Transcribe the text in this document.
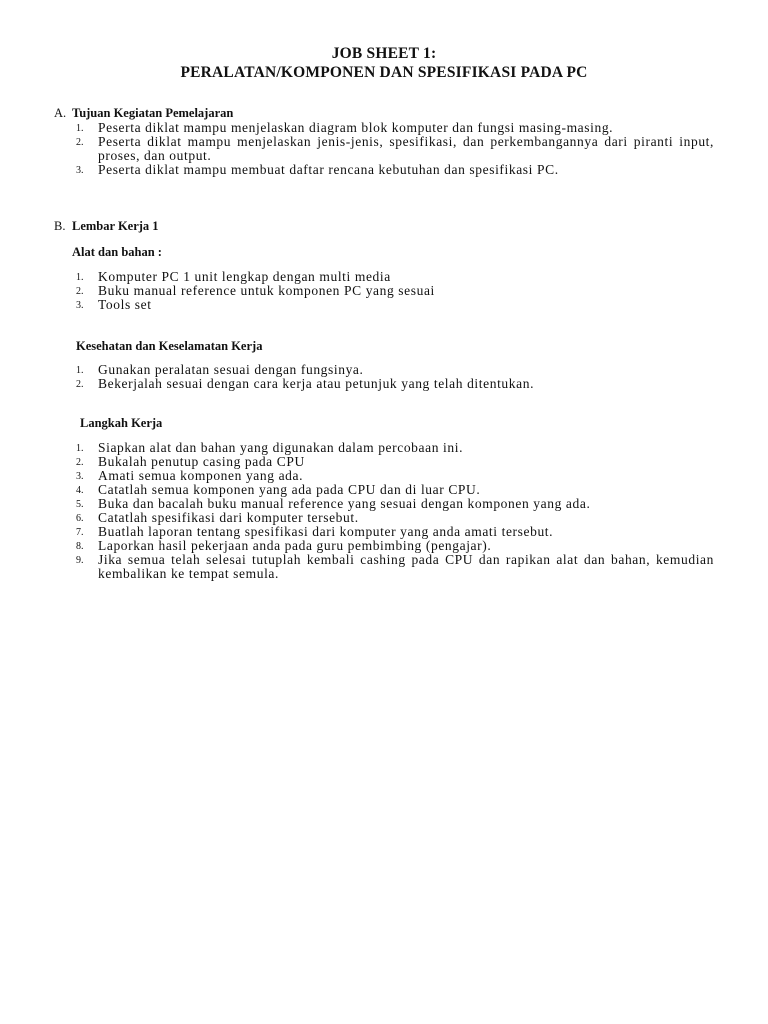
JOB SHEET 1:
PERALATAN/KOMPONEN DAN SPESIFIKASI PADA PC
A. Tujuan Kegiatan Pemelajaran
1. Peserta diklat mampu menjelaskan diagram blok komputer dan fungsi masing-masing.
2. Peserta diklat mampu menjelaskan jenis-jenis, spesifikasi, dan perkembangannya dari piranti input, proses, dan output.
3. Peserta diklat mampu membuat daftar rencana kebutuhan dan spesifikasi PC.
B. Lembar Kerja 1
Alat dan bahan :
1. Komputer PC 1 unit lengkap dengan multi media
2. Buku manual reference untuk komponen PC yang sesuai
3. Tools set
Kesehatan dan Keselamatan Kerja
1. Gunakan peralatan sesuai dengan fungsinya.
2. Bekerjalah sesuai dengan cara kerja atau petunjuk yang telah ditentukan.
Langkah Kerja
1. Siapkan alat dan bahan yang digunakan dalam percobaan ini.
2. Bukalah penutup casing pada CPU
3. Amati semua komponen yang ada.
4. Catatlah semua komponen yang ada pada CPU dan di luar CPU.
5. Buka dan bacalah buku manual reference yang sesuai dengan komponen yang ada.
6. Catatlah spesifikasi dari komputer tersebut.
7. Buatlah laporan tentang spesifikasi dari komputer yang anda amati tersebut.
8. Laporkan hasil pekerjaan anda pada guru pembimbing (pengajar).
9. Jika semua telah selesai tutuplah kembali cashing pada CPU dan rapikan alat dan bahan, kemudian kembalikan ke tempat semula.
